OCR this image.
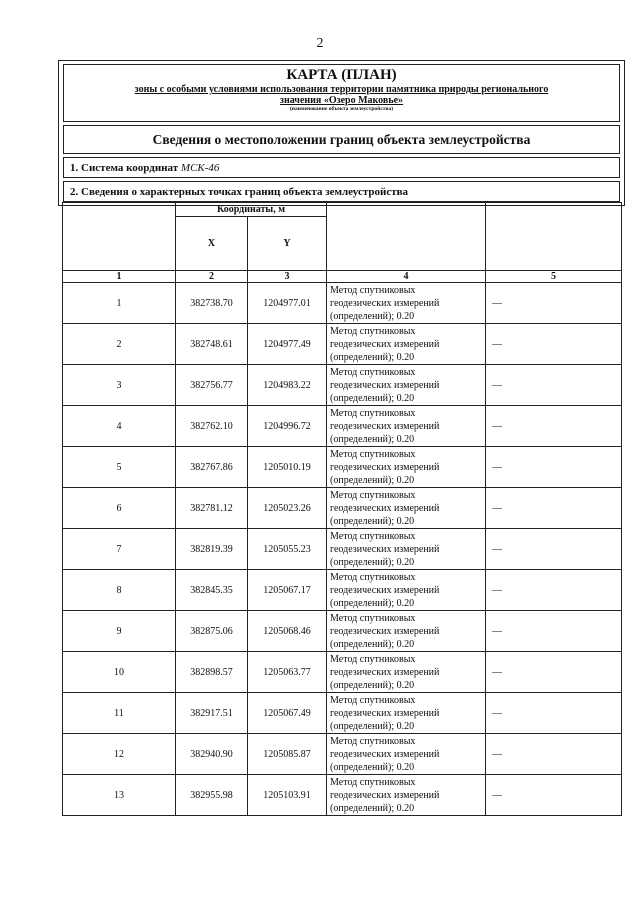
2
КАРТА (ПЛАН)
зоны с особыми условиями использования территории памятника природы регионального
значения «Озеро Маковье»
(наименование объекта землеустройства)
Сведения о местоположении границ объекта землеустройства
1. Система координат МСК-46
2. Сведения о характерных точках границ объекта землеустройства
	Координаты, м			
	X	Y		
1	2	3	4	5
1	382738.70	1204977.01	Метод спутниковых
геодезических измерений
(определений); 0.20	—
2	382748.61	1204977.49	Метод спутниковых
геодезических измерений
(определений); 0.20	—
3	382756.77	1204983.22	Метод спутниковых
геодезических измерений
(определений); 0.20	—
4	382762.10	1204996.72	Метод спутниковых
геодезических измерений
(определений); 0.20	—
5	382767.86	1205010.19	Метод спутниковых
геодезических измерений
(определений); 0.20	—
6	382781.12	1205023.26	Метод спутниковых
геодезических измерений
(определений); 0.20	—
7	382819.39	1205055.23	Метод спутниковых
геодезических измерений
(определений); 0.20	—
8	382845.35	1205067.17	Метод спутниковых
геодезических измерений
(определений); 0.20	—
9	382875.06	1205068.46	Метод спутниковых
геодезических измерений
(определений); 0.20	—
10	382898.57	1205063.77	Метод спутниковых
геодезических измерений
(определений); 0.20	—
11	382917.51	1205067.49	Метод спутниковых
геодезических измерений
(определений); 0.20	—
12	382940.90	1205085.87	Метод спутниковых
геодезических измерений
(определений); 0.20	—
13	382955.98	1205103.91	Метод спутниковых
геодезических измерений
(определений); 0.20	—
